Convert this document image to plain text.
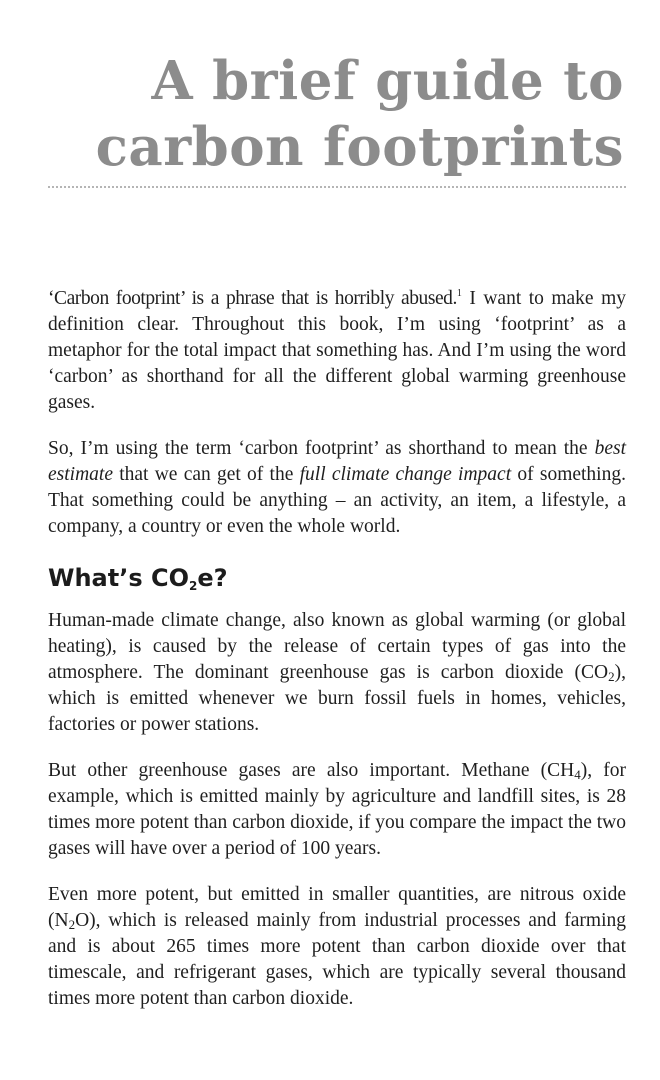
A brief guide to
carbon footprints

‘Carbon footprint’ is a phrase that is horribly abused.$^1$ I want to make my definition clear. Throughout this book, I’m using ‘footprint’ as a metaphor for the total impact that something has. And I’m using the word ‘carbon’ as shorthand for all the different global warming greenhouse gases.

So, I’m using the term ‘carbon footprint’ as shorthand to mean the best estimate that we can get of the full climate change impact of something. That something could be anything – an activity, an item, a lifestyle, a company, a country or even the whole world.

What’s $CO_2e$?

Human-made climate change, also known as global warming (or global heating), is caused by the release of certain types of gas into the atmosphere. The dominant greenhouse gas is carbon dioxide $(CO_2)$, which is emitted whenever we burn fossil fuels in homes, vehicles, factories or power stations.

But other greenhouse gases are also important. Methane $(CH_4)$, for example, which is emitted mainly by agriculture and landfill sites, is 28 times more potent than carbon dioxide, if you compare the impact the two gases will have over a period of 100 years.

Even more potent, but emitted in smaller quantities, are nitrous oxide $(N_2O)$, which is released mainly from industrial processes and farming and is about 265 times more potent than carbon dioxide over that timescale, and refrigerant gases, which are typically several thousand times more potent than carbon dioxide.
